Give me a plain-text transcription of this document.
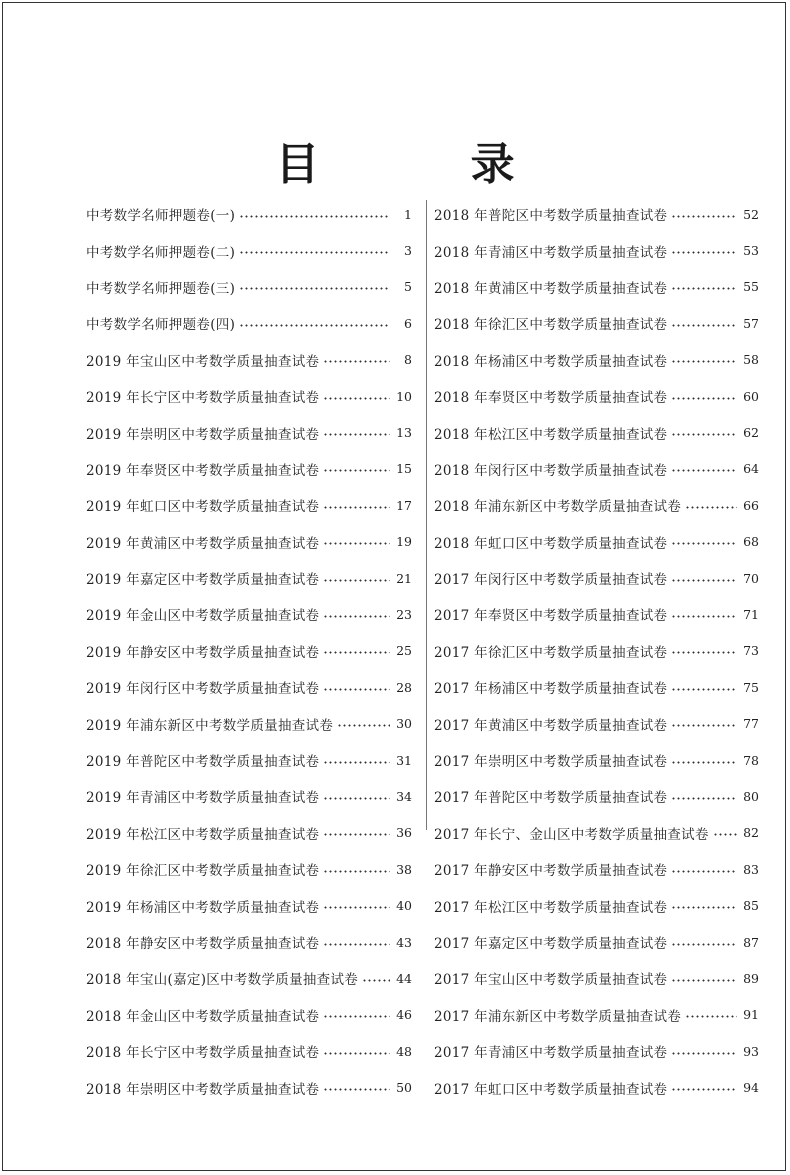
目 录
中考数学名师押题卷(一)	1
中考数学名师押题卷(二)	3
中考数学名师押题卷(三)	5
中考数学名师押题卷(四)	6
2019 年宝山区中考数学质量抽查试卷	8
2019 年长宁区中考数学质量抽查试卷	10
2019 年崇明区中考数学质量抽查试卷	13
2019 年奉贤区中考数学质量抽查试卷	15
2019 年虹口区中考数学质量抽查试卷	17
2019 年黄浦区中考数学质量抽查试卷	19
2019 年嘉定区中考数学质量抽查试卷	21
2019 年金山区中考数学质量抽查试卷	23
2019 年静安区中考数学质量抽查试卷	25
2019 年闵行区中考数学质量抽查试卷	28
2019 年浦东新区中考数学质量抽查试卷	30
2019 年普陀区中考数学质量抽查试卷	31
2019 年青浦区中考数学质量抽查试卷	34
2019 年松江区中考数学质量抽查试卷	36
2019 年徐汇区中考数学质量抽查试卷	38
2019 年杨浦区中考数学质量抽查试卷	40
2018 年静安区中考数学质量抽查试卷	43
2018 年宝山(嘉定)区中考数学质量抽查试卷	44
2018 年金山区中考数学质量抽查试卷	46
2018 年长宁区中考数学质量抽查试卷	48
2018 年崇明区中考数学质量抽查试卷	50
2018 年普陀区中考数学质量抽查试卷	52
2018 年青浦区中考数学质量抽查试卷	53
2018 年黄浦区中考数学质量抽查试卷	55
2018 年徐汇区中考数学质量抽查试卷	57
2018 年杨浦区中考数学质量抽查试卷	58
2018 年奉贤区中考数学质量抽查试卷	60
2018 年松江区中考数学质量抽查试卷	62
2018 年闵行区中考数学质量抽查试卷	64
2018 年浦东新区中考数学质量抽查试卷	66
2018 年虹口区中考数学质量抽查试卷	68
2017 年闵行区中考数学质量抽查试卷	70
2017 年奉贤区中考数学质量抽查试卷	71
2017 年徐汇区中考数学质量抽查试卷	73
2017 年杨浦区中考数学质量抽查试卷	75
2017 年黄浦区中考数学质量抽查试卷	77
2017 年崇明区中考数学质量抽查试卷	78
2017 年普陀区中考数学质量抽查试卷	80
2017 年长宁、金山区中考数学质量抽查试卷	82
2017 年静安区中考数学质量抽查试卷	83
2017 年松江区中考数学质量抽查试卷	85
2017 年嘉定区中考数学质量抽查试卷	87
2017 年宝山区中考数学质量抽查试卷	89
2017 年浦东新区中考数学质量抽查试卷	91
2017 年青浦区中考数学质量抽查试卷	93
2017 年虹口区中考数学质量抽查试卷	94
